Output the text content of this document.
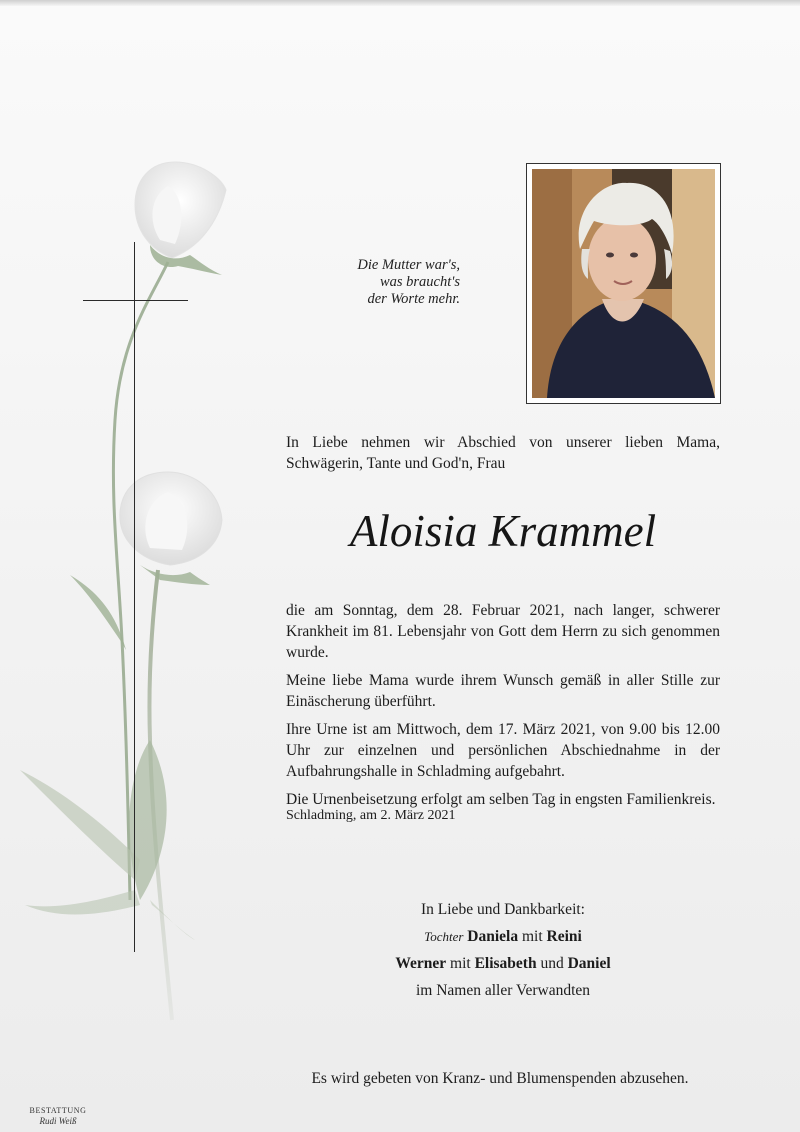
Die Mutter war's,
was braucht's
der Worte mehr.
In Liebe nehmen wir Abschied von unserer lieben Mama, Schwägerin, Tante und God'n, Frau
Aloisia Krammel

die am Sonntag, dem 28. Februar 2021, nach langer, schwerer Krankheit im 81. Lebensjahr von Gott dem Herrn zu sich genommen wurde.

Meine liebe Mama wurde ihrem Wunsch gemäß in aller Stille zur Einäscherung überführt.

Ihre Urne ist am Mittwoch, dem 17. März 2021, von 9.00 bis 12.00 Uhr zur einzelnen und persönlichen Abschiednahme in der Aufbahrungshalle in Schladming aufgebahrt.

Die Urnenbeisetzung erfolgt am selben Tag in engsten Familienkreis.

Schladming, am 2. März 2021
In Liebe und Dankbarkeit:
Tochter Daniela mit Reini
Werner mit Elisabeth und Daniel
im Namen aller Verwandten
Es wird gebeten von Kranz- und Blumenspenden abzusehen.
BESTATTUNG
Rudi Weiß
